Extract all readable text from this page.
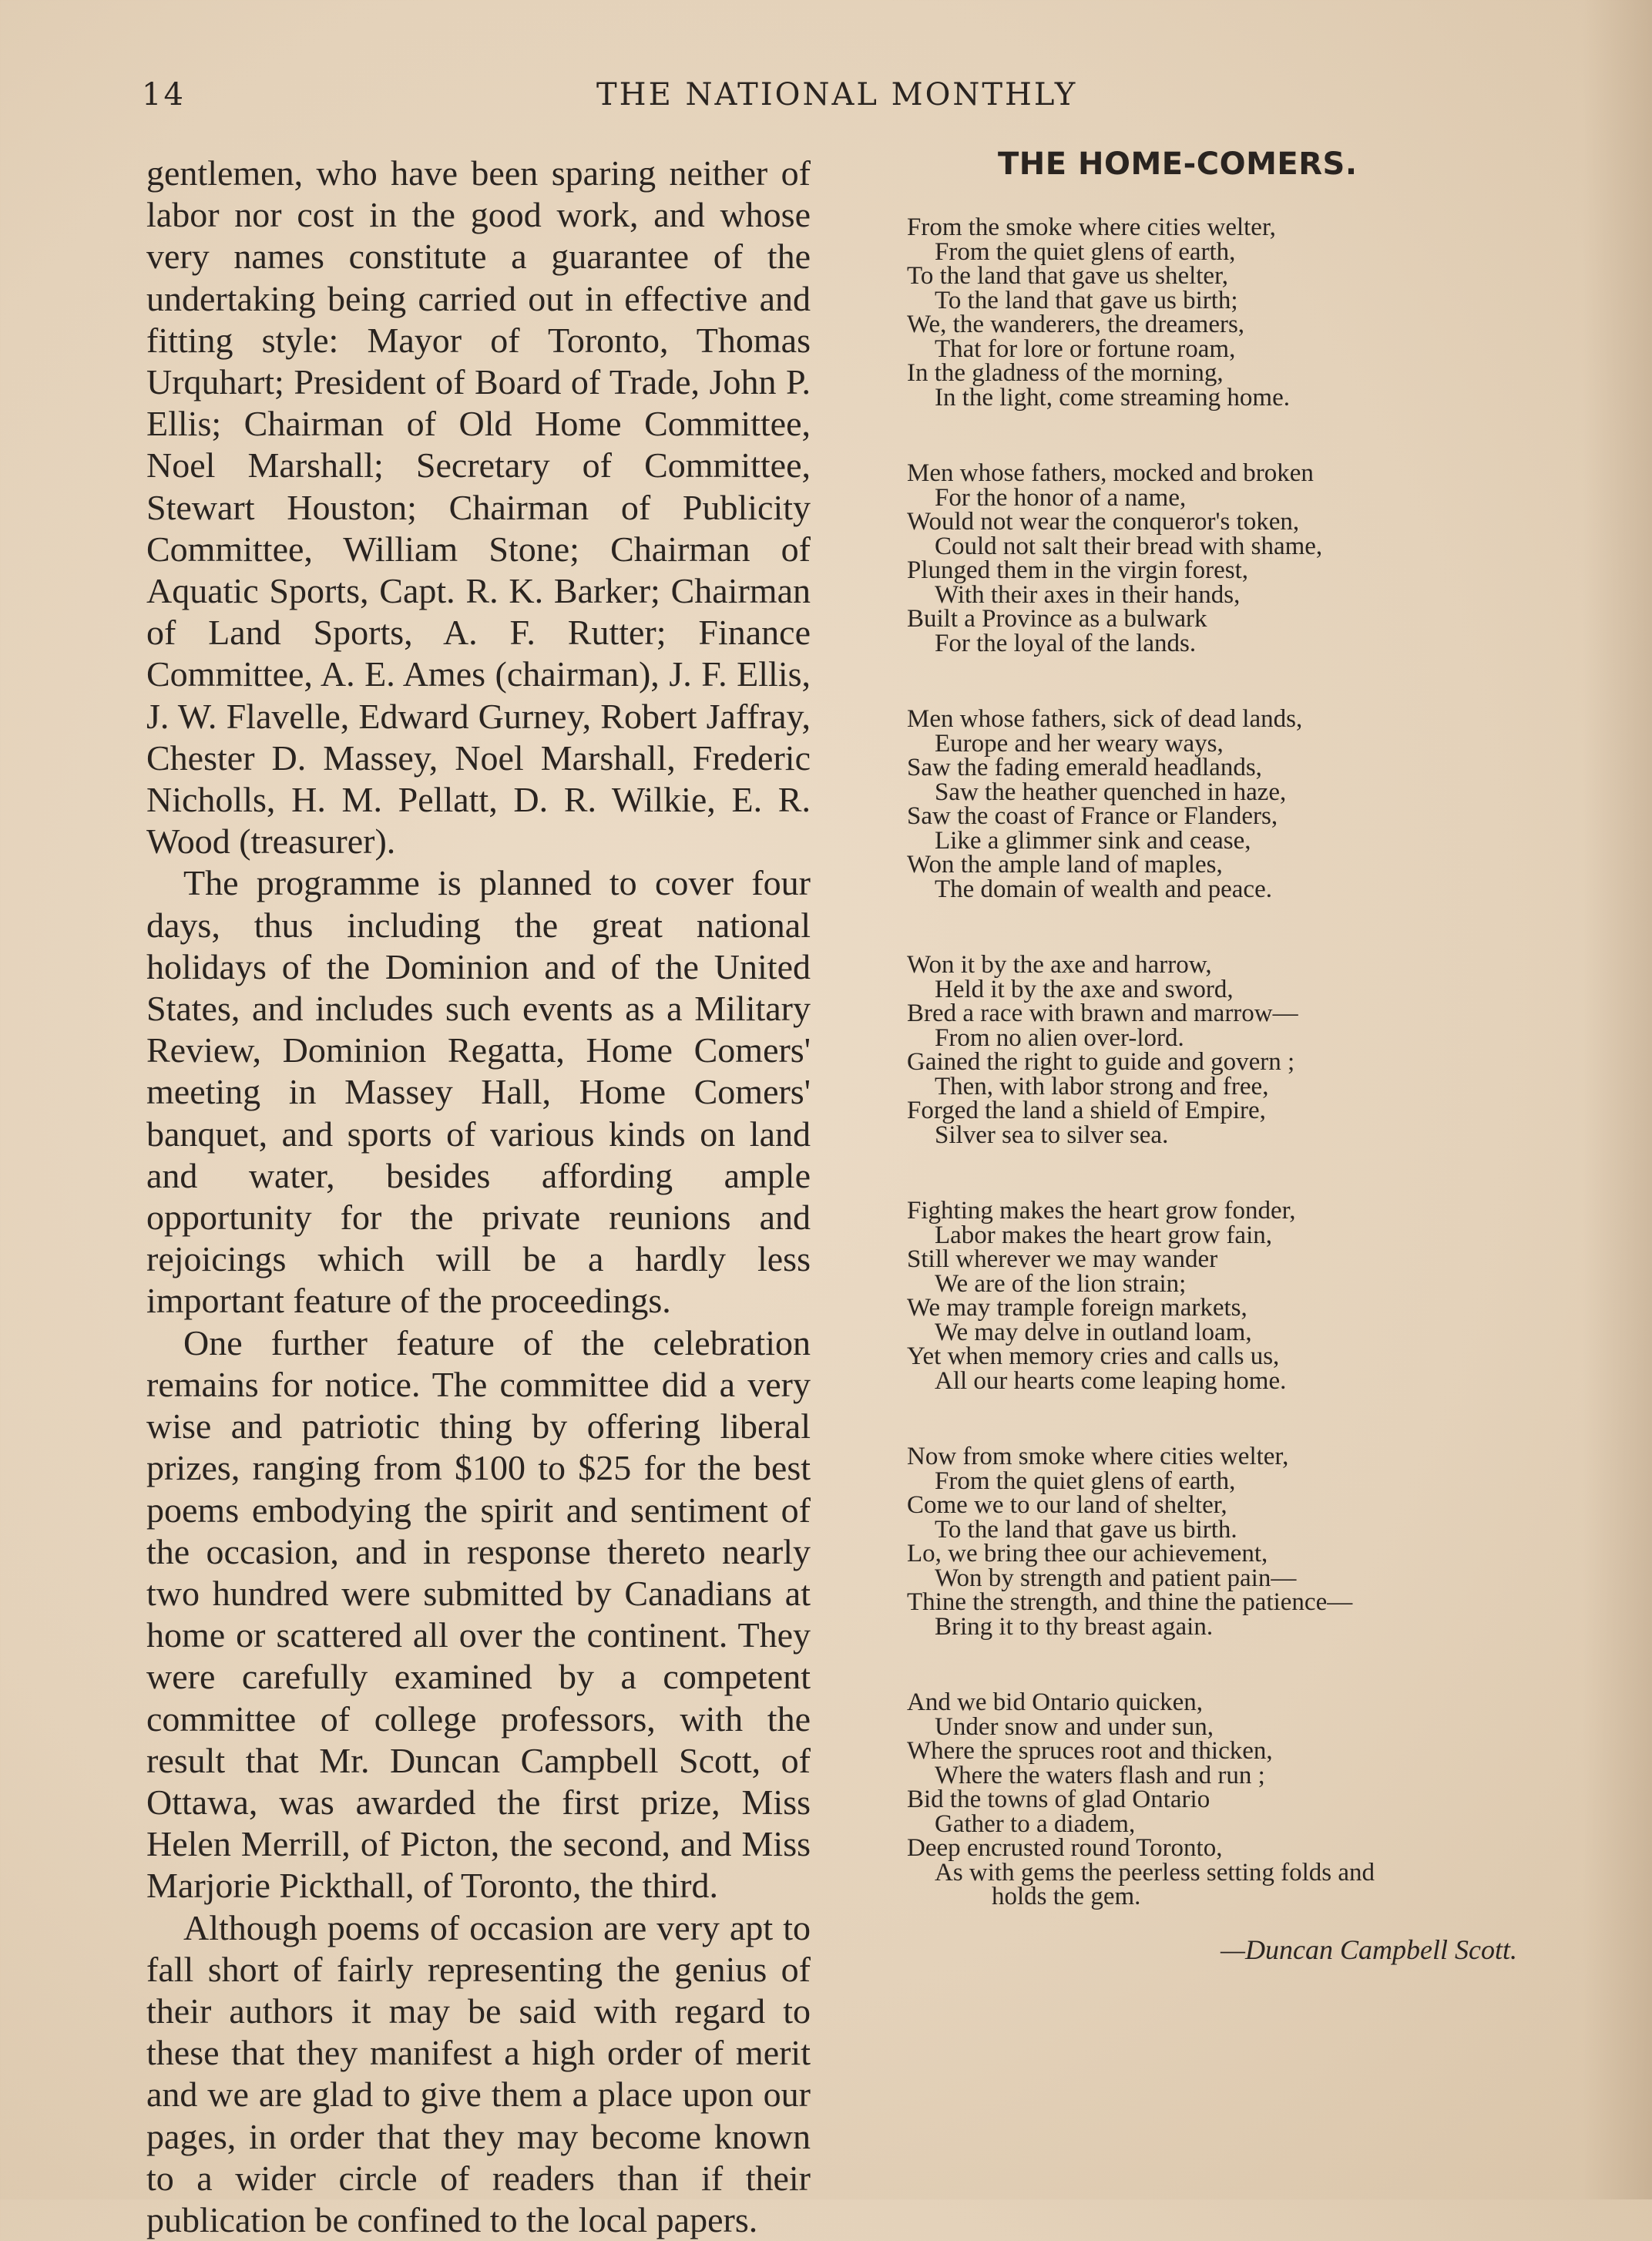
14	THE NATIONAL MONTHLY

gentlemen, who have been sparing neither of labor nor cost in the good work, and whose very names constitute a guarantee of the undertaking being carried out in effective and fitting style: Mayor of Toronto, Thomas Urquhart; President of Board of Trade, John P. Ellis; Chairman of Old Home Committee, Noel Marshall; Secretary of Committee, Stewart Houston; Chairman of Publicity Committee, William Stone; Chairman of Aquatic Sports, Capt. R. K. Barker; Chairman of Land Sports, A. F. Rutter; Finance Committee, A. E. Ames (chairman), J. F. Ellis, J. W. Flavelle, Edward Gurney, Robert Jaffray, Chester D. Massey, Noel Marshall, Frederic Nicholls, H. M. Pellatt, D. R. Wilkie, E. R. Wood (treasurer).

The programme is planned to cover four days, thus including the great national holidays of the Dominion and of the United States, and includes such events as a Military Review, Dominion Regatta, Home Comers' meeting in Massey Hall, Home Comers' banquet, and sports of various kinds on land and water, besides affording ample opportunity for the private reunions and rejoicings which will be a hardly less important feature of the proceedings.

One further feature of the celebration remains for notice. The committee did a very wise and patriotic thing by offering liberal prizes, ranging from $100 to $25 for the best poems embodying the spirit and sentiment of the occasion, and in response thereto nearly two hundred were submitted by Canadians at home or scattered all over the continent. They were carefully examined by a competent committee of college professors, with the result that Mr. Duncan Campbell Scott, of Ottawa, was awarded the first prize, Miss Helen Merrill, of Picton, the second, and Miss Marjorie Pickthall, of Toronto, the third.

Although poems of occasion are very apt to fall short of fairly representing the genius of their authors it may be said with regard to these that they manifest a high order of merit and we are glad to give them a place upon our pages, in order that they may become known to a wider circle of readers than if their publication be confined to the local papers.

THE HOME-COMERS.
From the smoke where cities welter,
From the quiet glens of earth,
To the land that gave us shelter,
To the land that gave us birth;
We, the wanderers, the dreamers,
That for lore or fortune roam,
In the gladness of the morning,
In the light, come streaming home.
Men whose fathers, mocked and broken
For the honor of a name,
Would not wear the conqueror's token,
Could not salt their bread with shame,
Plunged them in the virgin forest,
With their axes in their hands,
Built a Province as a bulwark
For the loyal of the lands.
Men whose fathers, sick of dead lands,
Europe and her weary ways,
Saw the fading emerald headlands,
Saw the heather quenched in haze,
Saw the coast of France or Flanders,
Like a glimmer sink and cease,
Won the ample land of maples,
The domain of wealth and peace.
Won it by the axe and harrow,
Held it by the axe and sword,
Bred a race with brawn and marrow—
From no alien over-lord.
Gained the right to guide and govern ;
Then, with labor strong and free,
Forged the land a shield of Empire,
Silver sea to silver sea.
Fighting makes the heart grow fonder,
Labor makes the heart grow fain,
Still wherever we may wander
We are of the lion strain;
We may trample foreign markets,
We may delve in outland loam,
Yet when memory cries and calls us,
All our hearts come leaping home.
Now from smoke where cities welter,
From the quiet glens of earth,
Come we to our land of shelter,
To the land that gave us birth.
Lo, we bring thee our achievement,
Won by strength and patient pain—
Thine the strength, and thine the patience—
Bring it to thy breast again.
And we bid Ontario quicken,
Under snow and under sun,
Where the spruces root and thicken,
Where the waters flash and run ;
Bid the towns of glad Ontario
Gather to a diadem,
Deep encrusted round Toronto,
As with gems the peerless setting folds and
holds the gem.
—Duncan Campbell Scott.
